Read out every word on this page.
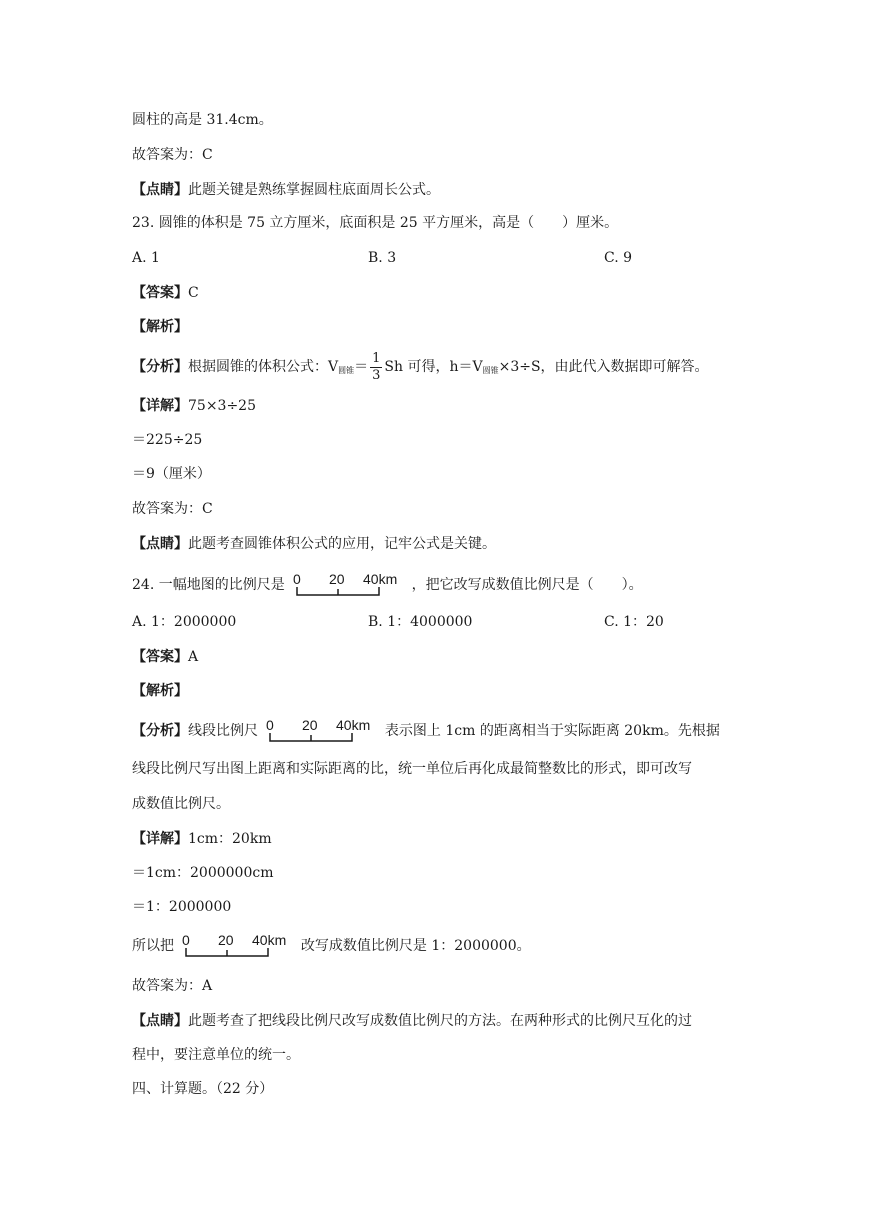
圆柱的高是 31.4cm。
故答案为：C
【点睛】此题关键是熟练掌握圆柱底面周长公式。
23. 圆锥的体积是 75 立方厘米，底面积是 25 平方厘米，高是（　　）厘米。
A. 1	B. 3	C. 9
【答案】C
【解析】
【分析】根据圆锥的体积公式：$V_{圆锥}= \frac{1}{3}$ Sh 可得，$h=V_{圆锥}\times 3\div S$，由此代入数据即可解答。
【详解】75×3÷25
＝225÷25
＝9（厘米）
故答案为：C
【点睛】此题考查圆锥体积公式的应用，记牢公式是关键。
24. 一幅地图的比例尺是 0 20 40km ，把它改写成数值比例尺是（　　）。
A. 1：2000000	B. 1：4000000	C. 1：20
【答案】A
【解析】
【分析】线段比例尺 0 20 40km 表示图上 1cm 的距离相当于实际距离 20km。先根据
线段比例尺写出图上距离和实际距离的比，统一单位后再化成最简整数比的形式，即可改写
成数值比例尺。
【详解】1cm：20km
＝1cm：2000000cm
＝1：2000000
所以把 0 20 40km 改写成数值比例尺是 1：2000000。
故答案为：A
【点睛】此题考查了把线段比例尺改写成数值比例尺的方法。在两种形式的比例尺互化的过
程中，要注意单位的统一。
四、计算题。（22 分）
